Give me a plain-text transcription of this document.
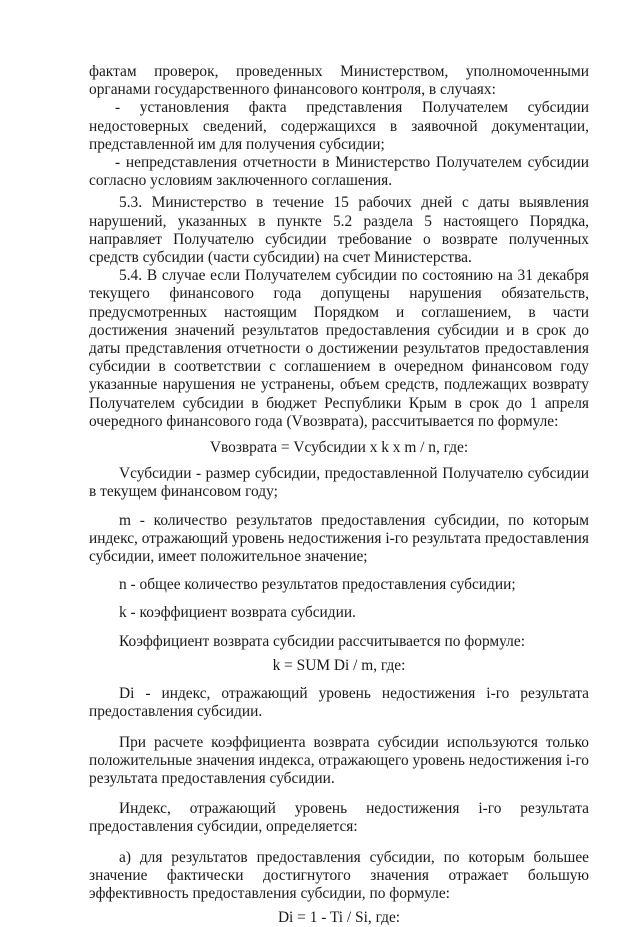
фактам проверок, проведенных Министерством, уполномоченными органами государственного финансового контроля, в случаях:

- установления факта представления Получателем субсидии недостоверных сведений, содержащихся в заявочной документации, представленной им для получения субсидии;

- непредставления отчетности в Министерство Получателем субсидии согласно условиям заключенного соглашения.

5.3. Министерство в течение 15 рабочих дней с даты выявления нарушений, указанных в пункте 5.2 раздела 5 настоящего Порядка, направляет Получателю субсидии требование о возврате полученных средств субсидии (части субсидии) на счет Министерства.

5.4. В случае если Получателем субсидии по состоянию на 31 декабря текущего финансового года допущены нарушения обязательств, предусмотренных настоящим Порядком и соглашением, в части достижения значений результатов предоставления субсидии и в срок до даты представления отчетности о достижении результатов предоставления субсидии в соответствии с соглашением в очередном финансовом году указанные нарушения не устранены, объем средств, подлежащих возврату Получателем субсидии в бюджет Республики Крым в срок до 1 апреля очередного финансового года (Vвозврата), рассчитывается по формуле:

Vвозврата = Vсубсидии х k х m / n, где:

Vсубсидии - размер субсидии, предоставленной Получателю субсидии в текущем финансовом году;

m - количество результатов предоставления субсидии, по которым индекс, отражающий уровень недостижения i-го результата предоставления субсидии, имеет положительное значение;

n - общее количество результатов предоставления субсидии;

k - коэффициент возврата субсидии.

Коэффициент возврата субсидии рассчитывается по формуле:

k = SUM Di / m, где:

Di - индекс, отражающий уровень недостижения i-го результата предоставления субсидии.

При расчете коэффициента возврата субсидии используются только положительные значения индекса, отражающего уровень недостижения i-го результата предоставления субсидии.

Индекс, отражающий уровень недостижения i-го результата предоставления субсидии, определяется:

а) для результатов предоставления субсидии, по которым большее значение фактически достигнутого значения отражает большую эффективность предоставления субсидии, по формуле:

Di = 1 - Ti / Si, где:
